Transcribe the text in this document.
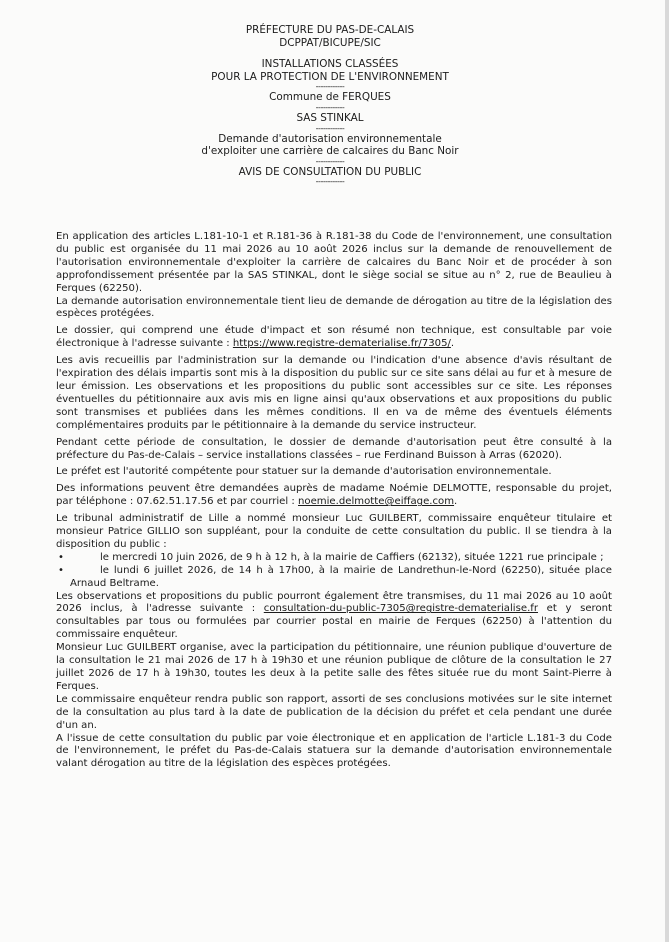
PRÉFECTURE DU PAS-DE-CALAIS
DCPPAT/BICUPE/SIC
INSTALLATIONS CLASSÉES
POUR LA PROTECTION DE L'ENVIRONNEMENT
------------
Commune de FERQUES
------------
SAS STINKAL
------------
Demande d'autorisation environnementale
d'exploiter une carrière de calcaires du Banc Noir
------------
AVIS DE CONSULTATION DU PUBLIC
------------

En application des articles L.181-10-1 et R.181-36 à R.181-38 du Code de l'environnement, une consultation du public est organisée du 11 mai 2026 au 10 août 2026 inclus sur la demande de renouvellement de l'autorisation environnementale d'exploiter la carrière de calcaires du Banc Noir et de procéder à son approfondissement présentée par la SAS STINKAL, dont le siège social se situe au n° 2, rue de Beaulieu à Ferques (62250).

La demande autorisation environnementale tient lieu de demande de dérogation au titre de la législation des espèces protégées.

Le dossier, qui comprend une étude d'impact et son résumé non technique, est consultable par voie électronique à l'adresse suivante : https://www.registre-dematerialise.fr/7305/.

Les avis recueillis par l'administration sur la demande ou l'indication d'une absence d'avis résultant de l'expiration des délais impartis sont mis à la disposition du public sur ce site sans délai au fur et à mesure de leur émission. Les observations et les propositions du public sont accessibles sur ce site. Les réponses éventuelles du pétitionnaire aux avis mis en ligne ainsi qu'aux observations et aux propositions du public sont transmises et publiées dans les mêmes conditions. Il en va de même des éventuels éléments complémentaires produits par le pétitionnaire à la demande du service instructeur.

Pendant cette période de consultation, le dossier de demande d'autorisation peut être consulté à la préfecture du Pas-de-Calais – service installations classées – rue Ferdinand Buisson à Arras (62020).

Le préfet est l'autorité compétente pour statuer sur la demande d'autorisation environnementale.

Des informations peuvent être demandées auprès de madame Noémie DELMOTTE, responsable du projet, par téléphone : 07.62.51.17.56 et par courriel : noemie.delmotte@eiffage.com.

Le tribunal administratif de Lille a nommé monsieur Luc GUILBERT, commissaire enquêteur titulaire et monsieur Patrice GILLIO son suppléant, pour la conduite de cette consultation du public. Il se tiendra à la disposition du public :

•	le mercredi 10 juin 2026, de 9 h à 12 h, à la mairie de Caffiers (62132), située 1221 rue principale ;
•	le lundi 6 juillet 2026, de 14 h à 17h00, à la mairie de Landrethun-le-Nord (62250), située place Arnaud Beltrame.

Les observations et propositions du public pourront également être transmises, du 11 mai 2026 au 10 août 2026 inclus, à l'adresse suivante : consultation-du-public-7305@registre-dematerialise.fr et y seront consultables par tous ou formulées par courrier postal en mairie de Ferques (62250) à l'attention du commissaire enquêteur.

Monsieur Luc GUILBERT organise, avec la participation du pétitionnaire, une réunion publique d'ouverture de la consultation le 21 mai 2026 de 17 h à 19h30 et une réunion publique de clôture de la consultation le 27 juillet 2026 de 17 h à 19h30, toutes les deux à la petite salle des fêtes située rue du mont Saint-Pierre à Ferques.

Le commissaire enquêteur rendra public son rapport, assorti de ses conclusions motivées sur le site internet de la consultation au plus tard à la date de publication de la décision du préfet et cela pendant une durée d'un an.

A l'issue de cette consultation du public par voie électronique et en application de l'article L.181-3 du Code de l'environnement, le préfet du Pas-de-Calais statuera sur la demande d'autorisation environnementale valant dérogation au titre de la législation des espèces protégées.
